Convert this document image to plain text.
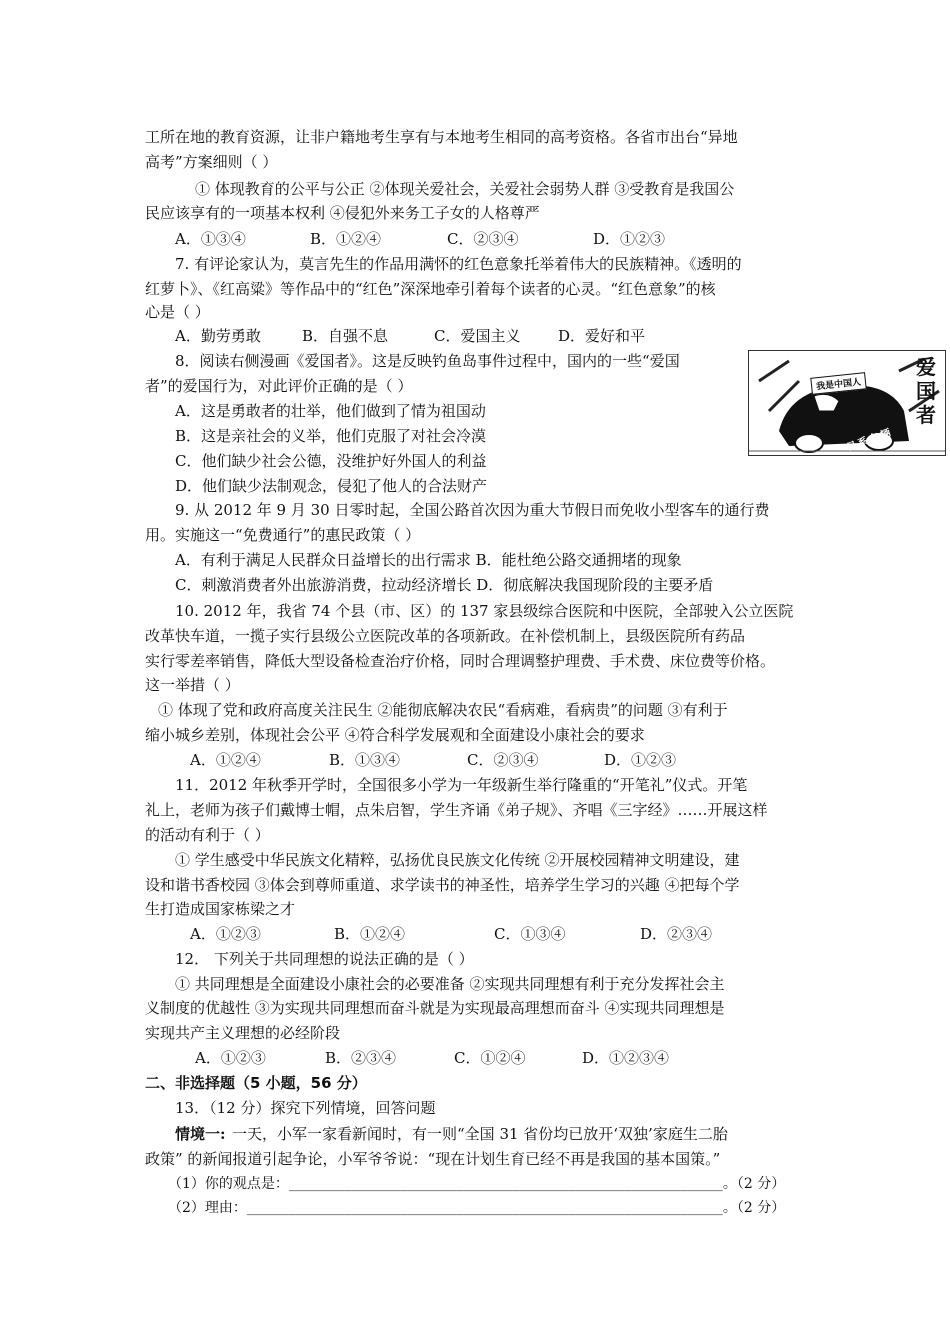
工所在地的教育资源，让非户籍地考生享有与本地考生相同的高考资格。各省市出台“异地
高考”方案细则（ ）
① 体现教育的公平与公正 ②体现关爱社会，关爱社会弱势人群 ③受教育是我国公
民应该享有的一项基本权利 ④侵犯外来务工子女的人格尊严
A．①③④	B．①②④	C．②③④	D．①②③
7. 有评论家认为，莫言先生的作品用满怀的红色意象托举着伟大的民族精神。《透明的
红萝卜》、《红高粱》等作品中的“红色”深深地牵引着每个读者的心灵。“红色意象”的核
心是（ ）
A．勤劳勇敢	B．自强不息	C．爱国主义	D．爱好和平
8．阅读右侧漫画《爱国者》。这是反映钓鱼岛事件过程中，国内的一些“爱国
者”的爱国行为，对此评价正确的是（ ）
A．这是勇敢者的壮举，他们做到了情为祖国动
B．这是亲社会的义举，他们克服了对社会冷漠
C．他们缺少社会公德，没维护好外国人的利益
D．他们缺少法制观念，侵犯了他人的合法财产
爱国者
我是中国人
日系车辆
9. 从 2012 年 9 月 30 日零时起，全国公路首次因为重大节假日而免收小型客车的通行费
用。实施这一“免费通行”的惠民政策（ ）
A．有利于满足人民群众日益增长的出行需求 B．能杜绝公路交通拥堵的现象
C．刺激消费者外出旅游消费，拉动经济增长 D．彻底解决我国现阶段的主要矛盾
10. 2012 年，我省 74 个县（市、区）的 137 家县级综合医院和中医院，全部驶入公立医院
改革快车道，一揽子实行县级公立医院改革的各项新政。在补偿机制上，县级医院所有药品
实行零差率销售，降低大型设备检查治疗价格，同时合理调整护理费、手术费、床位费等价格。
这一举措（ ）
① 体现了党和政府高度关注民生 ②能彻底解决农民“看病难，看病贵”的问题 ③有利于
缩小城乡差别，体现社会公平 ④符合科学发展观和全面建设小康社会的要求
A．①②④	B．①③④	C．②③④	D．①②③
11．2012 年秋季开学时，全国很多小学为一年级新生举行隆重的“开笔礼”仪式。开笔
礼上，老师为孩子们戴博士帽，点朱启智，学生齐诵《弟子规》、齐唱《三字经》……开展这样
的活动有利于（ ）
① 学生感受中华民族文化精粹，弘扬优良民族文化传统 ②开展校园精神文明建设，建
设和谐书香校园 ③体会到尊师重道、求学读书的神圣性，培养学生学习的兴趣 ④把每个学
生打造成国家栋梁之才
A．①②③	B．①②④	C．①③④	D．②③④
12． 下列关于共同理想的说法正确的是（ ）
① 共同理想是全面建设小康社会的必要准备 ②实现共同理想有利于充分发挥社会主
义制度的优越性 ③为实现共同理想而奋斗就是为实现最高理想而奋斗 ④实现共同理想是
实现共产主义理想的必经阶段
A．①②③	B．②③④	C．①②④	D．①②③④
二、非选择题（5 小题，56 分）
13．（12 分）探究下列情境，回答问题
情境一: 一天，小军一家看新闻时，有一则“全国 31 省份均已放开‘双独’家庭生二胎
政策” 的新闻报道引起争论，小军爷爷说：“现在计划生育已经不再是我国的基本国策。”
（1）你的观点是：______________________________________________________________。（2 分）
（2）理由：____________________________________________________________________。（2 分）
